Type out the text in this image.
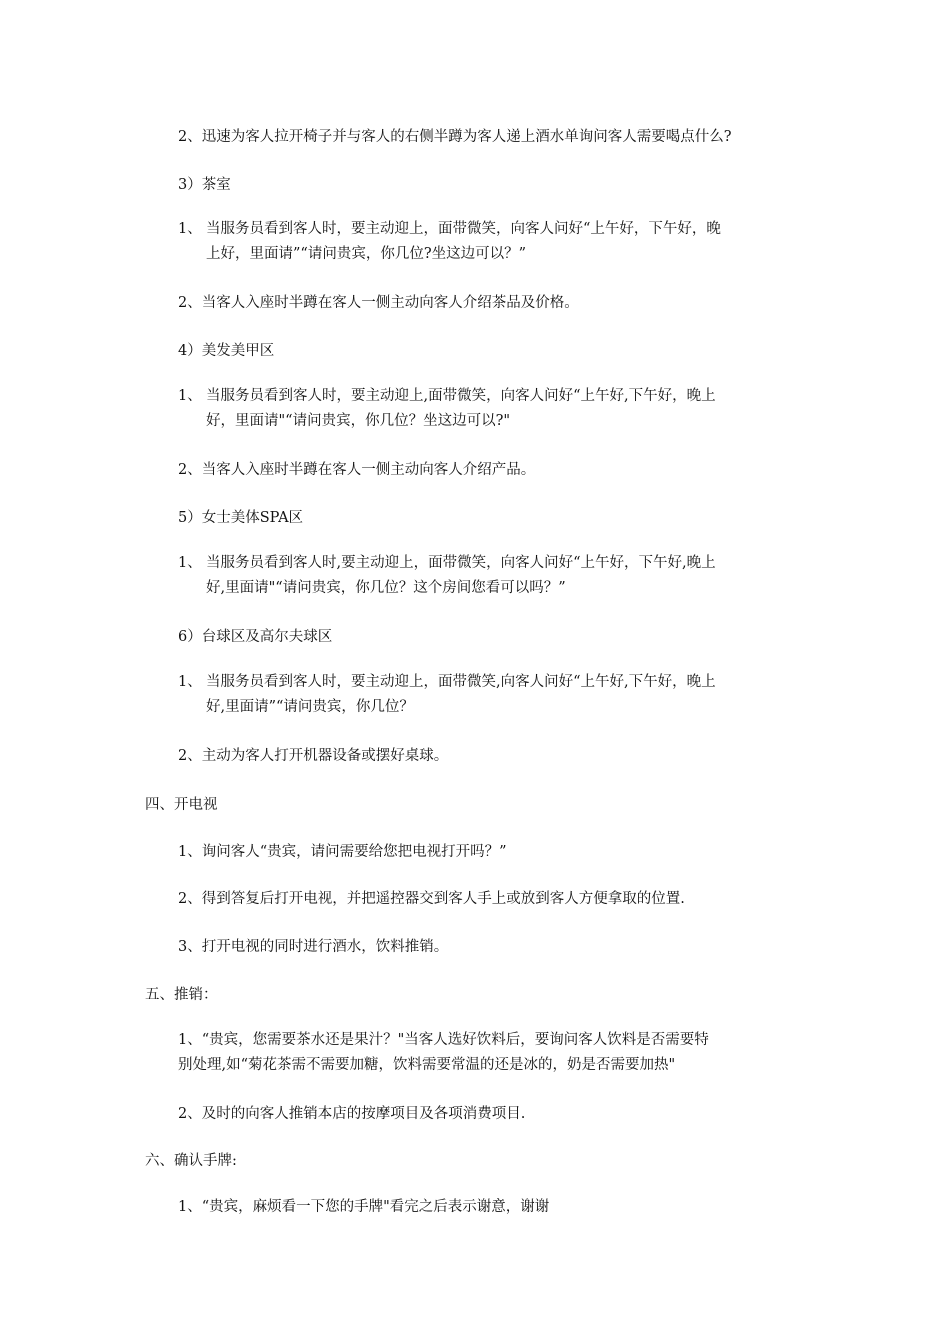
2、迅速为客人拉开椅子并与客人的右侧半蹲为客人递上酒水单询问客人需要喝点什么?
3）茶室
1、 当服务员看到客人时，要主动迎上，面带微笑，向客人问好“上午好，下午好，晚
上好，里面请”“请问贵宾，你几位?坐这边可以？”
2、当客人入座时半蹲在客人一侧主动向客人介绍茶品及价格。
4）美发美甲区
1、 当服务员看到客人时，要主动迎上,面带微笑，向客人问好“上午好,下午好，晚上
好，里面请"“请问贵宾，你几位？坐这边可以?"
2、当客人入座时半蹲在客人一侧主动向客人介绍产品。
5）女士美体SPA区
1、 当服务员看到客人时,要主动迎上，面带微笑，向客人问好“上午好，下午好,晚上
好,里面请"“请问贵宾，你几位？这个房间您看可以吗？”
6）台球区及高尔夫球区
1、 当服务员看到客人时，要主动迎上，面带微笑,向客人问好“上午好,下午好，晚上
好,里面请”“请问贵宾，你几位？
2、主动为客人打开机器设备或摆好桌球。
四、开电视
1、询问客人“贵宾，请问需要给您把电视打开吗？”
2、得到答复后打开电视，并把遥控器交到客人手上或放到客人方便拿取的位置.
3、打开电视的同时进行酒水，饮料推销。
五、推销：
1、“贵宾，您需要茶水还是果汁？"当客人选好饮料后，要询问客人饮料是否需要特
别处理,如“菊花茶需不需要加糖，饮料需要常温的还是冰的，奶是否需要加热"
2、及时的向客人推销本店的按摩项目及各项消费项目.
六、确认手牌:
1、“贵宾，麻烦看一下您的手牌"看完之后表示谢意，谢谢
